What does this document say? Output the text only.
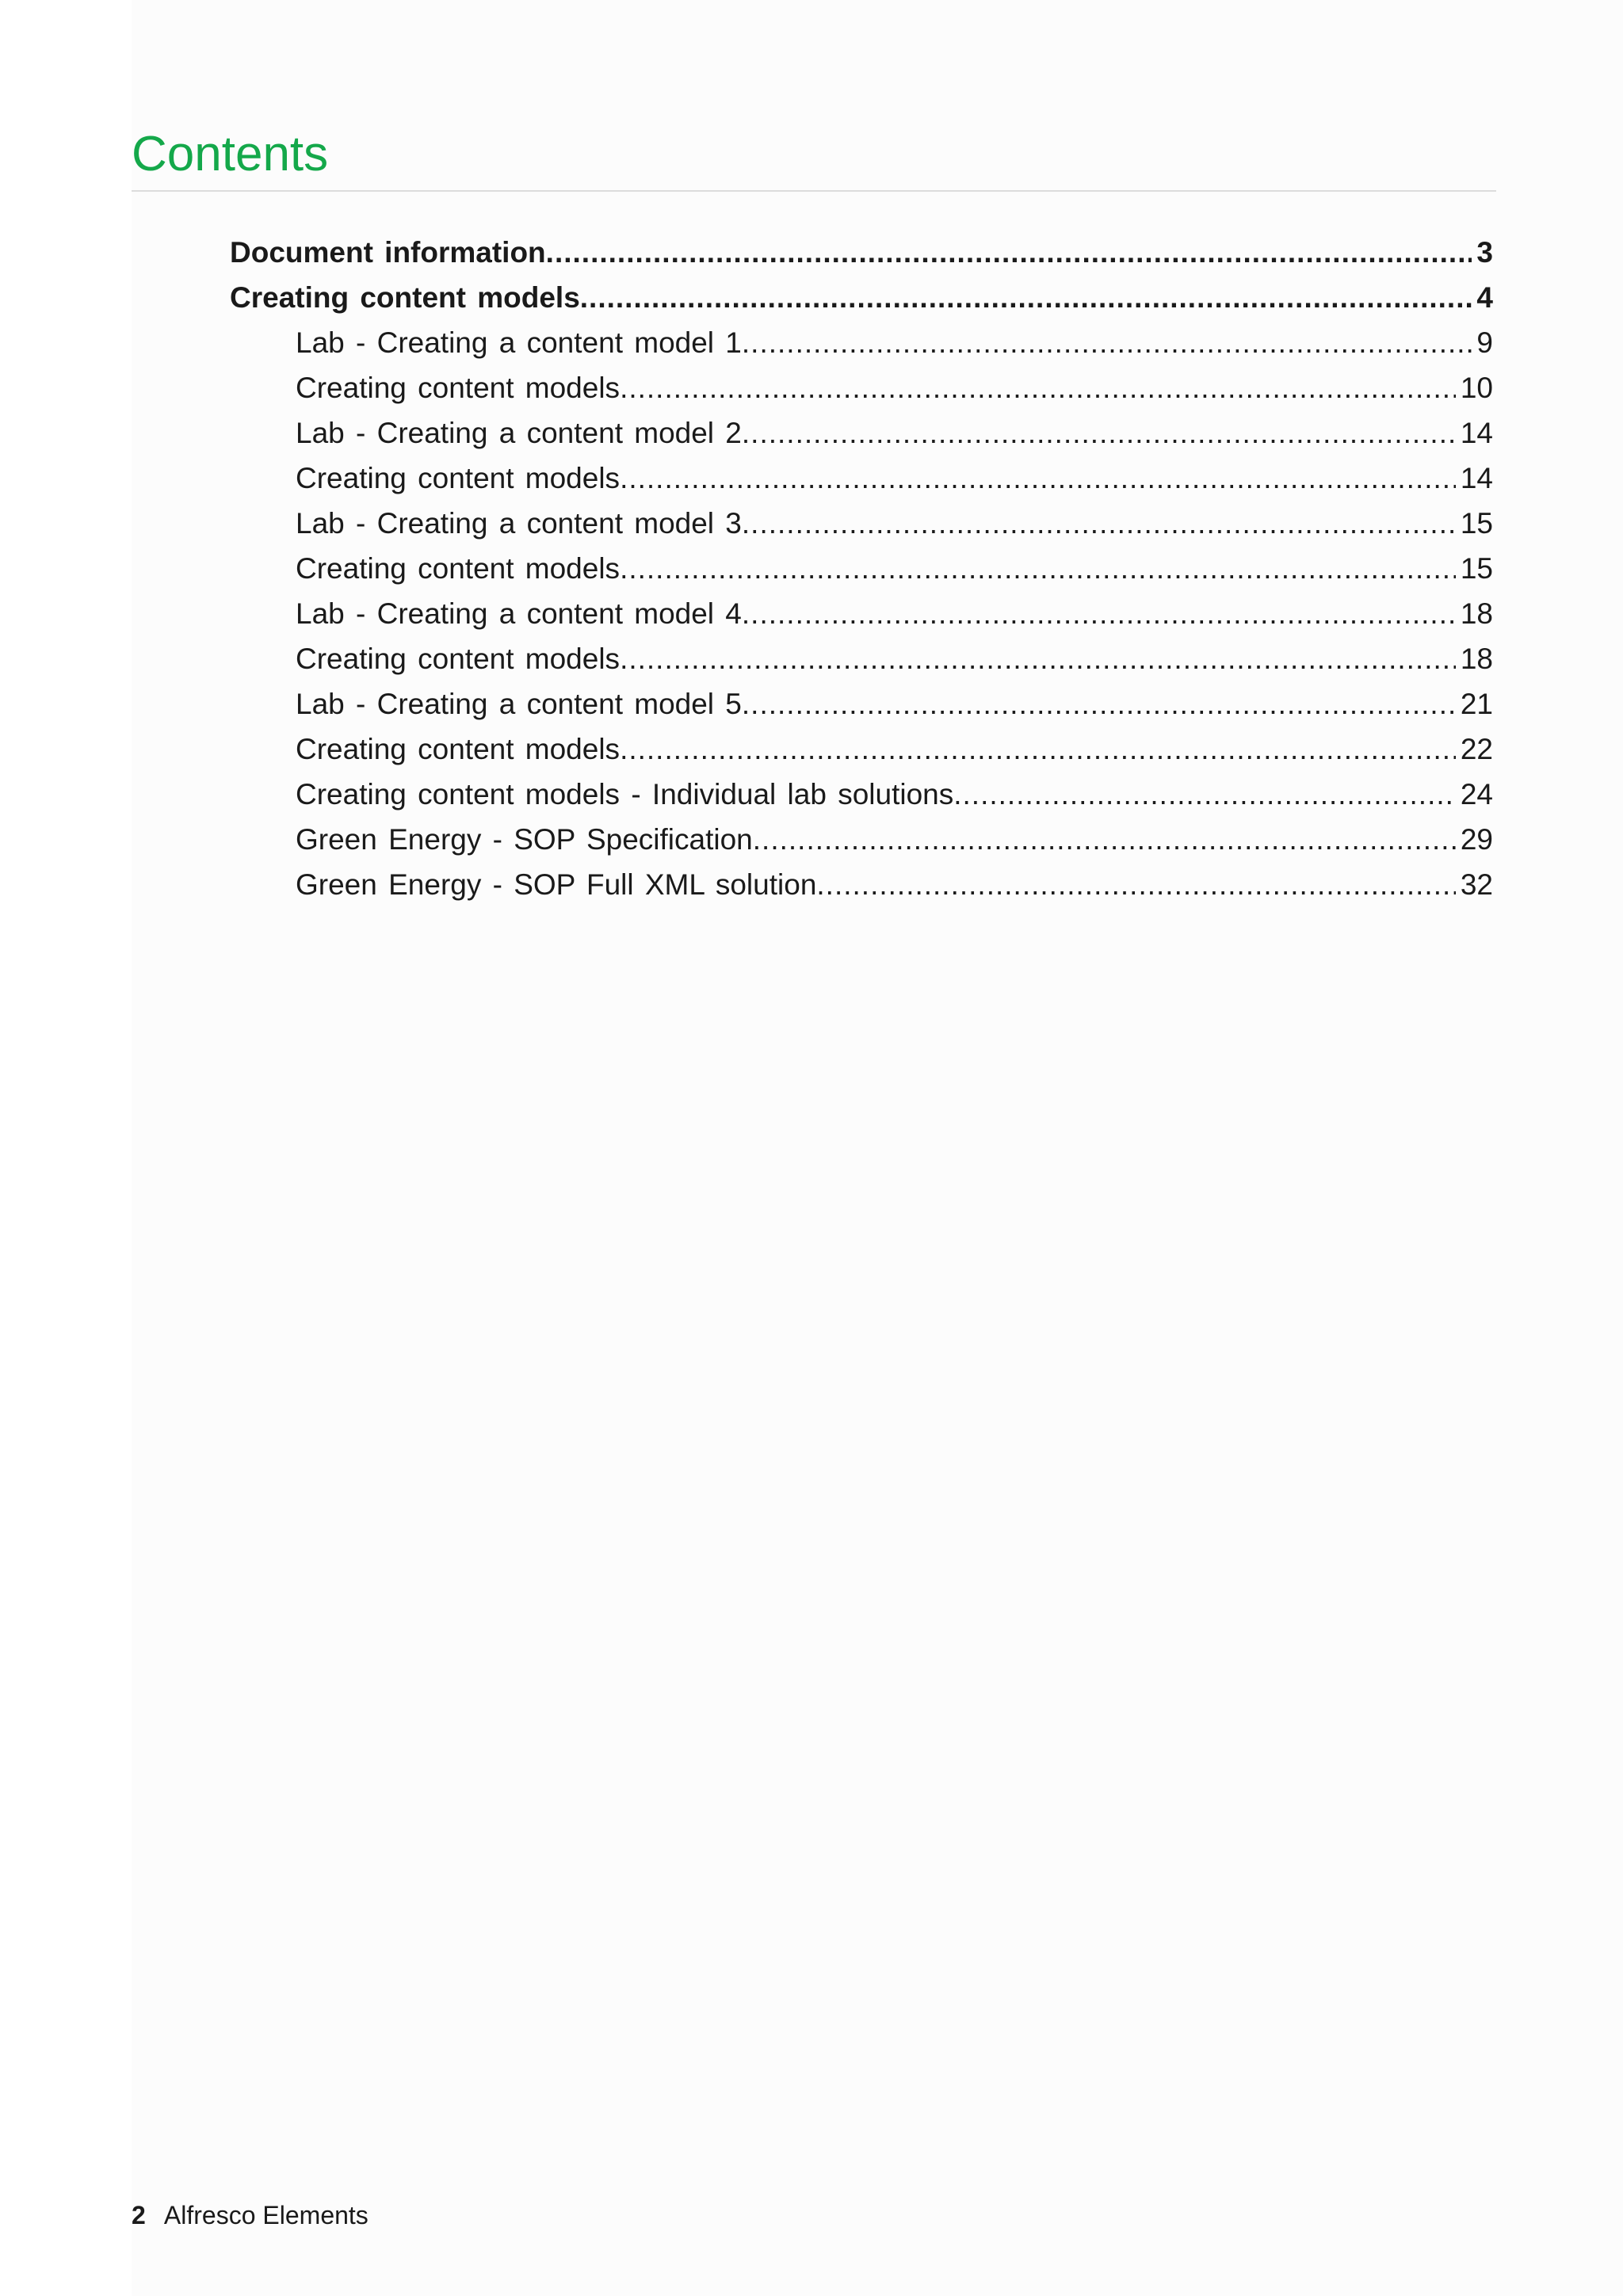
Contents
Document information .....	3
Creating content models .....	4
Lab - Creating a content model 1 .....	9
Creating content models .....	10
Lab - Creating a content model 2 .....	14
Creating content models .....	14
Lab - Creating a content model 3 .....	15
Creating content models .....	15
Lab - Creating a content model 4 .....	18
Creating content models .....	18
Lab - Creating a content model 5 .....	21
Creating content models .....	22
Creating content models - Individual lab solutions .....	24
Green Energy - SOP Specification .....	29
Green Energy - SOP Full XML solution .....	32
2 Alfresco Elements
